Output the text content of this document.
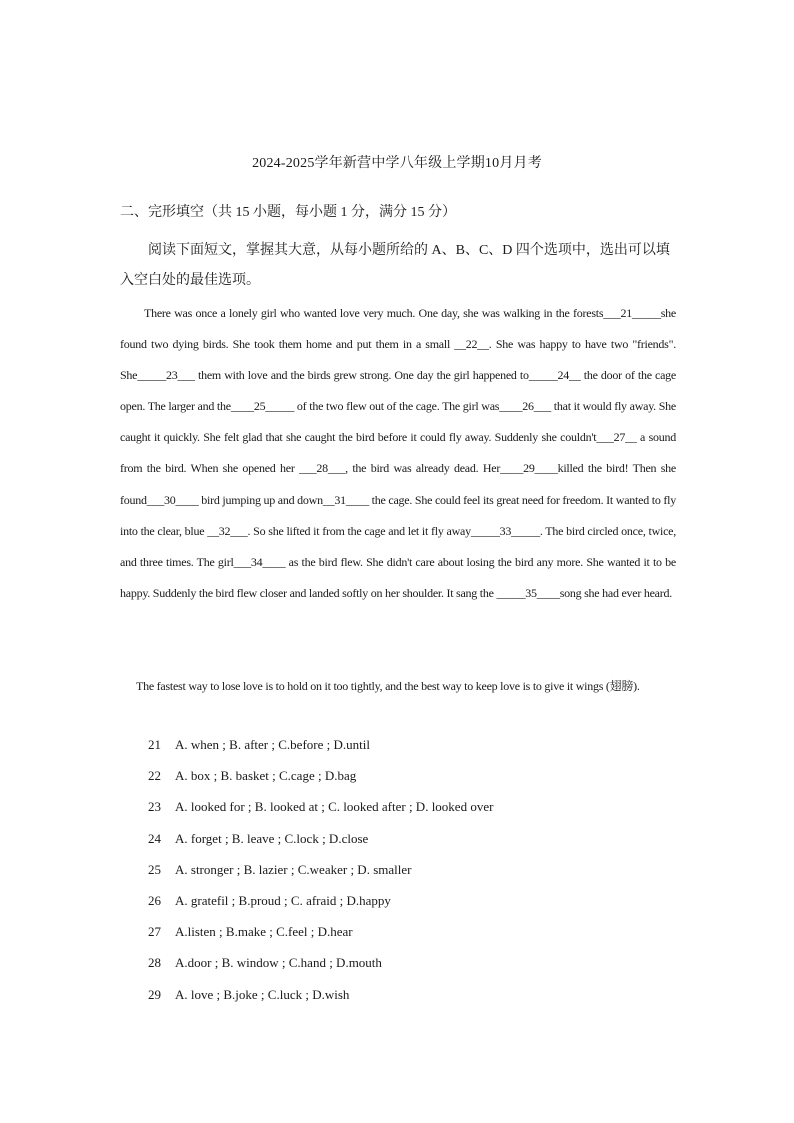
2024-2025学年新营中学八年级上学期10月月考
二、完形填空（共 15 小题，每小题 1 分，满分 15 分）
阅读下面短文，掌握其大意，从每小题所给的 A、B、C、D 四个选项中，选出可以填入空白处的最佳选项。
There was once a lonely girl who wanted love very much. One day, she was walking in the forests___21_____she found two dying birds. She took them home and put them in a small __22__. She was happy to have two "friends". She_____23___ them with love and the birds grew strong. One day the girl happened to_____24__ the door of the cage open. The larger and the____25_____ of the two flew out of the cage. The girl was____26___ that it would fly away. She caught it quickly. She felt glad that she caught the bird before it could fly away. Suddenly she couldn't___27__ a sound from the bird. When she opened her ___28___, the bird was already dead. Her____29____killed the bird! Then she found___30____ bird jumping up and down__31____ the cage. She could feel its great need for freedom. It wanted to fly into the clear, blue __32___. So she lifted it from the cage and let it fly away_____33_____. The bird circled once, twice, and three times. The girl___34____ as the bird flew. She didn't care about losing the bird any more. She wanted it to be happy. Suddenly the bird flew closer and landed softly on her shoulder. It sang the _____35____song she had ever heard.
The fastest way to lose love is to hold on it too tightly, and the best way to keep love is to give it wings (翅膀).
21 A. when ; B. after ; C.before ; D.until
22 A. box ; B. basket ; C.cage ; D.bag
23 A. looked for ; B. looked at ; C. looked after ; D. looked over
24 A. forget ; B. leave ; C.lock ; D.close
25 A. stronger ; B. lazier ; C.weaker ; D. smaller
26 A. gratefil ; B.proud ; C. afraid ; D.happy
27 A.listen ; B.make ; C.feel ; D.hear
28 A.door ; B. window ; C.hand ; D.mouth
29 A. love ; B.joke ; C.luck ; D.wish
